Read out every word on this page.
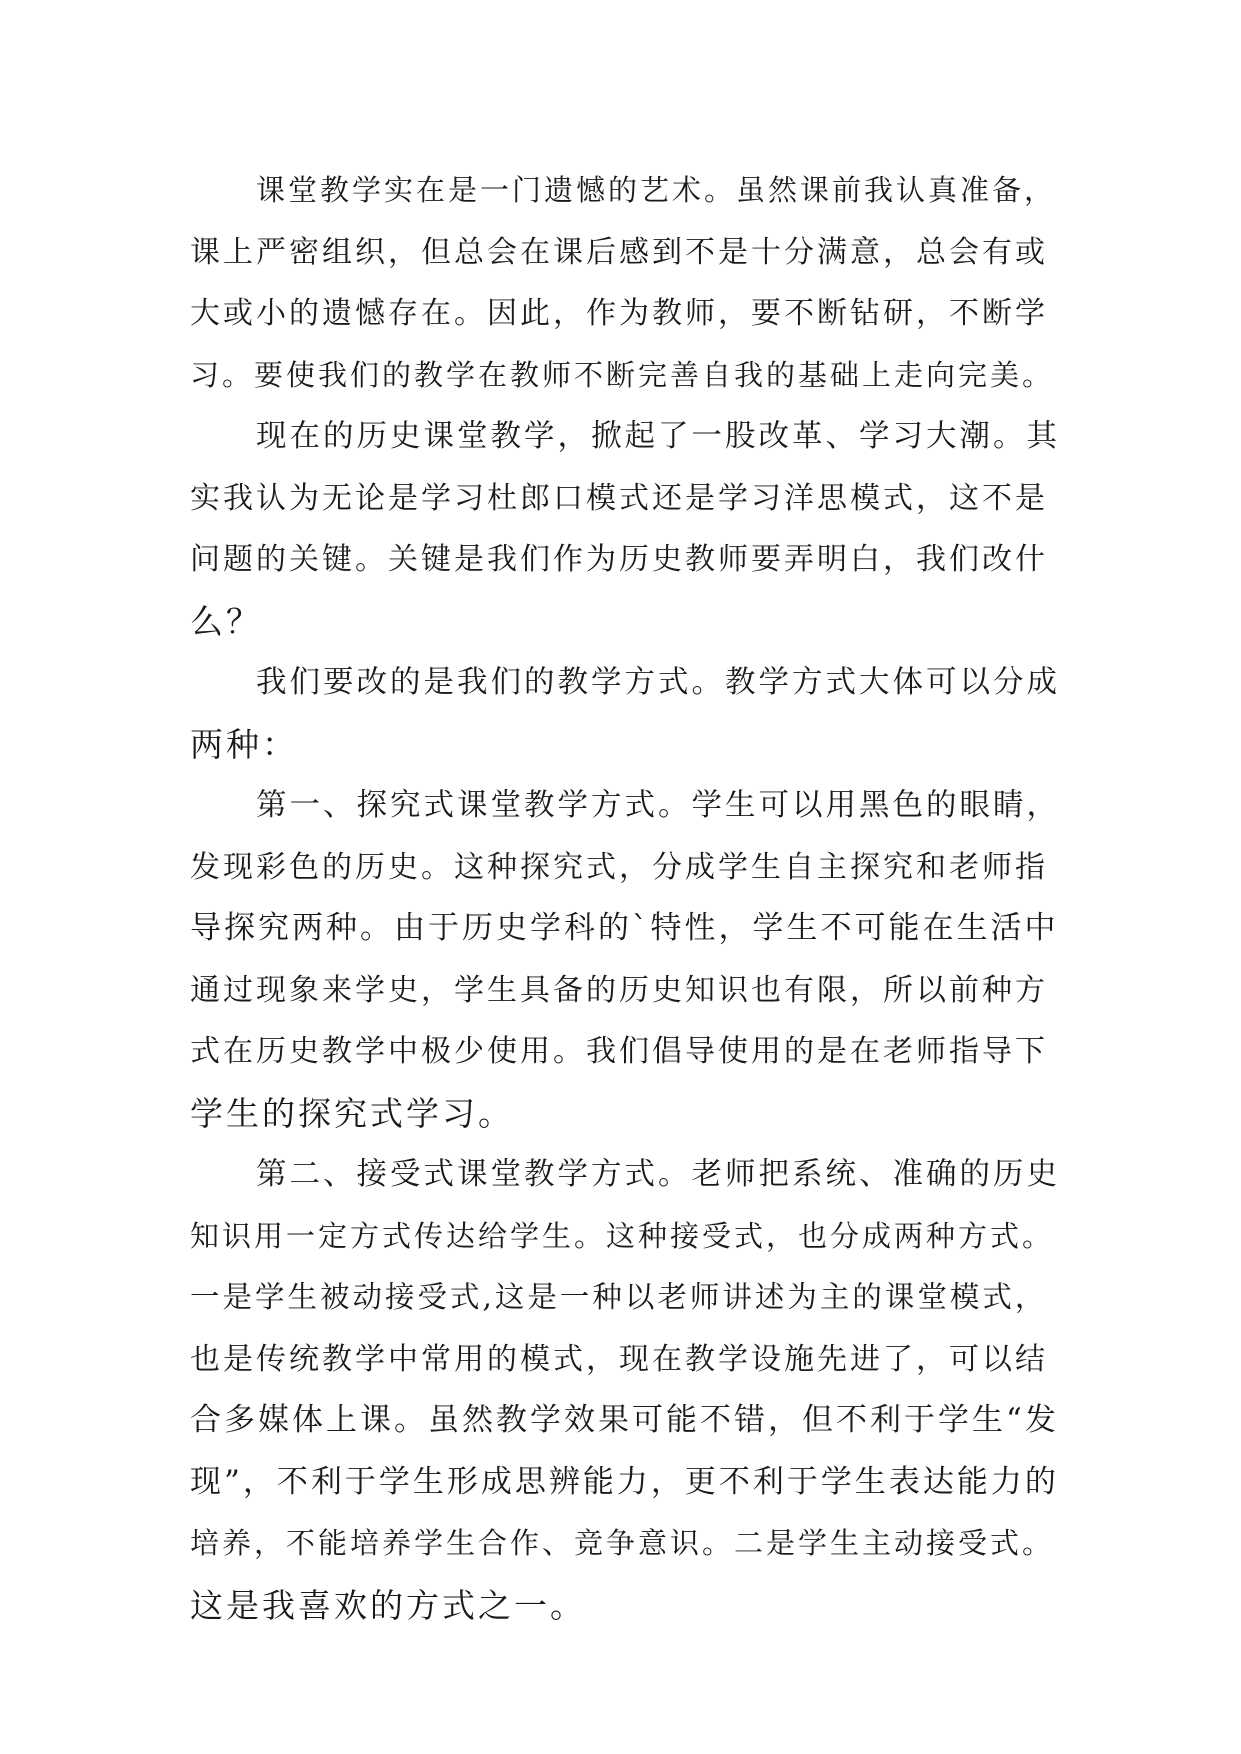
课堂教学实在是一门遗憾的艺术。虽然课前我认真准备，
课上严密组织，但总会在课后感到不是十分满意，总会有或
大或小的遗憾存在。因此，作为教师，要不断钻研，不断学
习。要使我们的教学在教师不断完善自我的基础上走向完美。
现在的历史课堂教学，掀起了一股改革、学习大潮。其
实我认为无论是学习杜郎口模式还是学习洋思模式，这不是
问题的关键。关键是我们作为历史教师要弄明白，我们改什
么？
我们要改的是我们的教学方式。教学方式大体可以分成
两种：
第一、探究式课堂教学方式。学生可以用黑色的眼睛，
发现彩色的历史。这种探究式，分成学生自主探究和老师指
导探究两种。由于历史学科的`特性，学生不可能在生活中
通过现象来学史，学生具备的历史知识也有限，所以前种方
式在历史教学中极少使用。我们倡导使用的是在老师指导下
学生的探究式学习。
第二、接受式课堂教学方式。老师把系统、准确的历史
知识用一定方式传达给学生。这种接受式，也分成两种方式。
一是学生被动接受式,这是一种以老师讲述为主的课堂模式，
也是传统教学中常用的模式，现在教学设施先进了，可以结
合多媒体上课。虽然教学效果可能不错，但不利于学生“发
现”，不利于学生形成思辨能力，更不利于学生表达能力的
培养，不能培养学生合作、竞争意识。二是学生主动接受式。
这是我喜欢的方式之一。
